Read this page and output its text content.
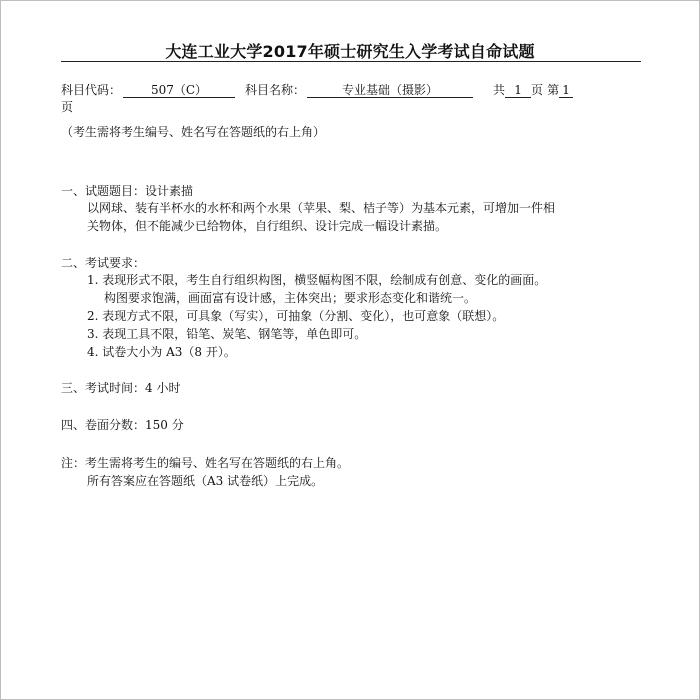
大连工业大学2017年硕士研究生入学考试自命试题
科目代码： 507（C）	科目名称：	专业基础（摄影）	共 1 页 第 1
页
（考生需将考生编号、姓名写在答题纸的右上角）
一、试题题目：设计素描
以网球、装有半杯水的水杯和两个水果（苹果、梨、桔子等）为基本元素，可增加一件相
关物体，但不能减少已给物体，自行组织、设计完成一幅设计素描。
二、考试要求：
1. 表现形式不限，考生自行组织构图，横竖幅构图不限，绘制成有创意、变化的画面。
构图要求饱满，画面富有设计感，主体突出；要求形态变化和谐统一。
2. 表现方式不限，可具象（写实），可抽象（分割、变化），也可意象（联想）。
3. 表现工具不限，铅笔、炭笔、钢笔等，单色即可。
4. 试卷大小为 A3（8 开）。
三、考试时间：4 小时
四、卷面分数：150 分
注：考生需将考生的编号、姓名写在答题纸的右上角。
所有答案应在答题纸（A3 试卷纸）上完成。
